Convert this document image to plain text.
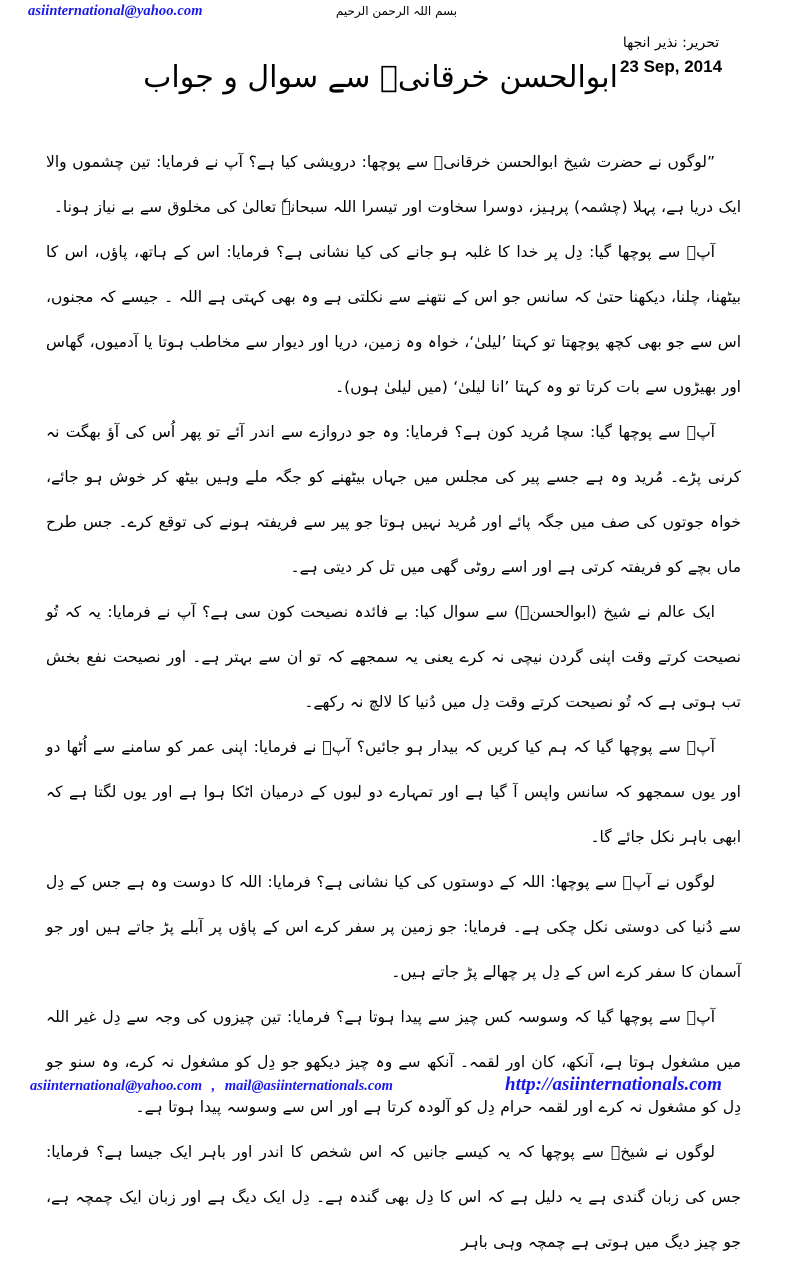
asiinternational@yahoo.com	بسم اللہ الرحمن الرحیم
تحریر: نذیر انجھا
23 Sep, 2014
ابوالحسن خرقانیؒ سے سوال و جواب

”لوگوں نے حضرت شیخ ابوالحسن خرقانیؒ سے پوچھا: درویشی کیا ہے؟ آپ نے فرمایا: تین چشموں والا ایک دریا ہے، پہلا (چشمہ) پرہیز، دوسرا سخاوت اور تیسرا اللہ سبحانہٗ تعالیٰ کی مخلوق سے بے نیاز ہونا۔

آپؒ سے پوچھا گیا: دِل پر خدا کا غلبہ ہو جانے کی کیا نشانی ہے؟ فرمایا: اس کے ہاتھ، پاؤں، اس کا بیٹھنا، چلنا، دیکھنا حتیٰ کہ سانس جو اس کے نتھنے سے نکلتی ہے وہ بھی کہتی ہے اللہ ۔ جیسے کہ مجنوں، اس سے جو بھی کچھ پوچھتا تو کہتا ’لیلیٰ‘، خواہ وہ زمین، دریا اور دیوار سے مخاطب ہوتا یا آدمیوں، گھاس اور بھیڑوں سے بات کرتا تو وہ کہتا ’انا لیلیٰ‘ (میں لیلیٰ ہوں)۔

آپؒ سے پوچھا گیا: سچا مُرید کون ہے؟ فرمایا: وہ جو دروازے سے اندر آئے تو پھر اُس کی آؤ بھگت نہ کرنی پڑے۔ مُرید وہ ہے جسے پیر کی مجلس میں جہاں بیٹھنے کو جگہ ملے وہیں بیٹھ کر خوش ہو جائے، خواہ جوتوں کی صف میں جگہ پائے اور مُرید نہیں ہوتا جو پیر سے فریفتہ ہونے کی توقع کرے۔ جس طرح ماں بچے کو فریفتہ کرتی ہے اور اسے روٹی گھی میں تل کر دیتی ہے۔

ایک عالم نے شیخ (ابوالحسنؒ) سے سوال کیا: بے فائدہ نصیحت کون سی ہے؟ آپ نے فرمایا: یہ کہ تُو نصیحت کرتے وقت اپنی گردن نیچی نہ کرے یعنی یہ سمجھے کہ تو ان سے بہتر ہے۔ اور نصیحت نفع بخش تب ہوتی ہے کہ تُو نصیحت کرتے وقت دِل میں دُنیا کا لالچ نہ رکھے۔

آپؒ سے پوچھا گیا کہ ہم کیا کریں کہ بیدار ہو جائیں؟ آپؒ نے فرمایا: اپنی عمر کو سامنے سے اُٹھا دو اور یوں سمجھو کہ سانس واپس آ گیا ہے اور تمہارے دو لبوں کے درمیان اٹکا ہوا ہے اور یوں لگتا ہے کہ ابھی باہر نکل جائے گا۔

لوگوں نے آپؒ سے پوچھا: اللہ کے دوستوں کی کیا نشانی ہے؟ فرمایا: اللہ کا دوست وہ ہے جس کے دِل سے دُنیا کی دوستی نکل چکی ہے۔ فرمایا: جو زمین پر سفر کرے اس کے پاؤں پر آبلے پڑ جاتے ہیں اور جو آسمان کا سفر کرے اس کے دِل پر چھالے پڑ جاتے ہیں۔

آپؒ سے پوچھا گیا کہ وسوسہ کس چیز سے پیدا ہوتا ہے؟ فرمایا: تین چیزوں کی وجہ سے دِل غیر اللہ میں مشغول ہوتا ہے، آنکھ، کان اور لقمہ۔ آنکھ سے وہ چیز دیکھو جو دِل کو مشغول نہ کرے، وہ سنو جو دِل کو مشغول نہ کرے اور لقمہ حرام دِل کو آلودہ کرتا ہے اور اس سے وسوسہ پیدا ہوتا ہے۔

لوگوں نے شیخؒ سے پوچھا کہ یہ کیسے جانیں کہ اس شخص کا اندر اور باہر ایک جیسا ہے؟ فرمایا: جس کی زبان گندی ہے یہ دلیل ہے کہ اس کا دِل بھی گندہ ہے۔ دِل ایک دیگ ہے اور زبان ایک چمچہ ہے، جو چیز دیگ میں ہوتی ہے چمچہ وہی باہر

asiinternational@yahoo.com , mail@asiinternationals.com	http://asiinternationals.com
